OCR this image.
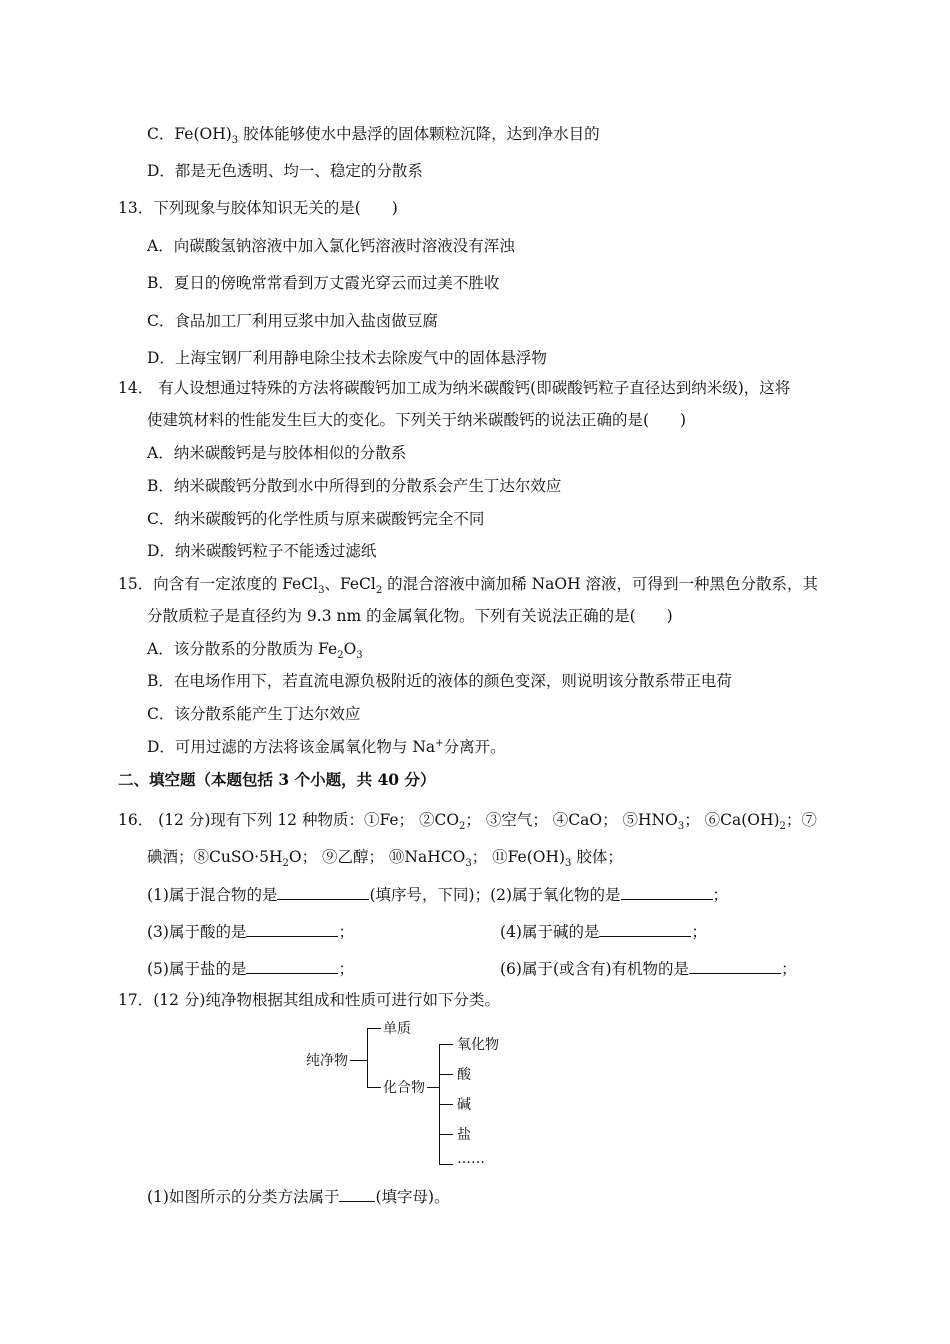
C．$Fe(OH)_3$ 胶体能够使水中悬浮的固体颗粒沉降，达到净水目的
D．都是无色透明、均一、稳定的分散系
13．下列现象与胶体知识无关的是(　　)
A．向碳酸氢钠溶液中加入氯化钙溶液时溶液没有浑浊
B．夏日的傍晚常常看到万丈霞光穿云而过美不胜收
C．食品加工厂利用豆浆中加入盐卤做豆腐
D．上海宝钢厂利用静电除尘技术去除废气中的固体悬浮物
14． 有人设想通过特殊的方法将碳酸钙加工成为纳米碳酸钙(即碳酸钙粒子直径达到纳米级)，这将
使建筑材料的性能发生巨大的变化。下列关于纳米碳酸钙的说法正确的是(　　)
A．纳米碳酸钙是与胶体相似的分散系
B．纳米碳酸钙分散到水中所得到的分散系会产生丁达尔效应
C．纳米碳酸钙的化学性质与原来碳酸钙完全不同
D．纳米碳酸钙粒子不能透过滤纸
15．向含有一定浓度的 FeCl$_3$、FeCl$_2$ 的混合溶液中滴加稀 NaOH 溶液，可得到一种黑色分散系，其
分散质粒子是直径约为 9.3 nm 的金属氧化物。下列有关说法正确的是(　　)
A．该分散系的分散质为 $Fe_2O_3$
B．在电场作用下，若直流电源负极附近的液体的颜色变深，则说明该分散系带正电荷
C．该分散系能产生丁达尔效应
D．可用过滤的方法将该金属氧化物与 Na+分离开。
二、填空题（本题包括 3 个小题，共 40 分）
16． (12 分)现有下列 12 种物质：①Fe； $②CO_2$； ③空气； ④CaO； $⑤HNO_3$； $⑥Ca(OH)_2$；⑦
碘酒；$⑧CuSO\cdot 5H_2O$； ⑨乙醇； ⑩NaHCO$_3$； $⑪Fe(OH)_3$ 胶体；
(1)属于混合物的是	(填序号，下同)；(2)属于氧化物的是	；
(3)属于酸的是	；	(4)属于碱的是	；
(5)属于盐的是	；	(6)属于(或含有)有机物的是	；
17．(12 分)纯净物根据其组成和性质可进行如下分类。
纯净物
单质
化合物
氧化物
酸
碱
盐
……
(1)如图所示的分类方法属于 (填字母)。
